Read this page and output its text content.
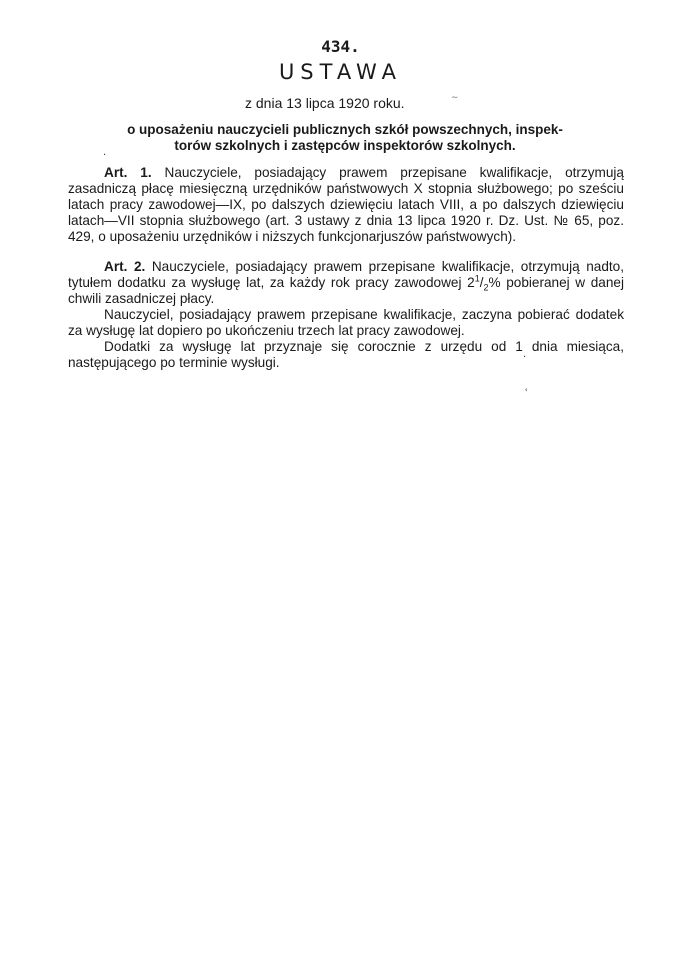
434.
USTAWA
z dnia 13 lipca 1920 roku.	∼
o uposażeniu nauczycieli publicznych szkół powszechnych, inspek-
torów szkolnych i zastępców inspektorów szkolnych.

Art. 1. Nauczyciele, posiadający prawem przepisane kwalifikacje, otrzymują zasadniczą płacę miesięczną urzędników państwowych X stopnia służbowego; po sześciu latach pracy zawodowej—IX, po dalszych dziewięciu latach VIII, a po dalszych dziewięciu latach—VII stopnia służbowego (art. 3 ustawy z dnia 13 lipca 1920 r. Dz. Ust. № 65, poz. 429, o uposażeniu urzędników i niższych funkcjonarjuszów państwowych).

Art. 2. Nauczyciele, posiadający prawem przepisane kwalifikacje, otrzymują nadto, tytułem dodatku za wysługę lat, za każdy rok pracy zawodowej $2^1/_2\%$ pobieranej w danej chwili zasadniczej płacy.

Nauczyciel, posiadający prawem przepisane kwalifikacje, zaczyna pobierać dodatek za wysługę lat dopiero po ukończeniu trzech lat pracy zawodowej.

Dodatki za wysługę lat przyznaje się corocznie z urzędu od 1 dnia miesiąca, następującego po terminie wysługi.

·
·
ʿ
